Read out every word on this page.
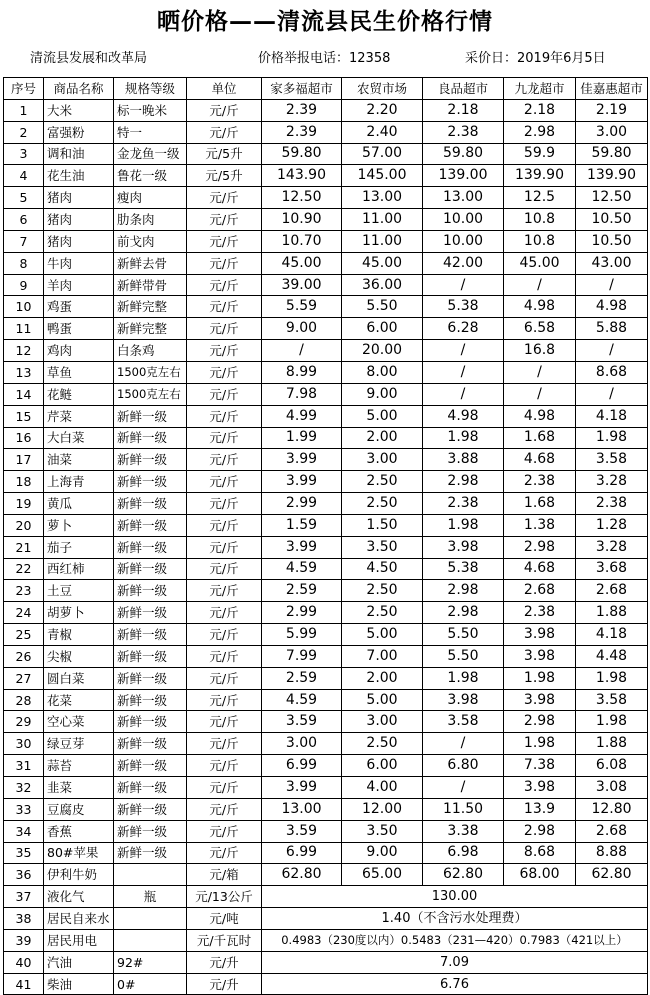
晒价格——清流县民生价格行情
清流县发展和改革局	价格举报电话：12358	采价日：2019年6月5日
序号	商品名称	规格等级	单位	家多福超市	农贸市场	良品超市	九龙超市	佳嘉惠超市
1	大米	标一晚米	元/斤	2.39	2.20	2.18	2.18	2.19
2	富强粉	特一	元/斤	2.39	2.40	2.38	2.98	3.00
3	调和油	金龙鱼一级	元/5升	59.80	57.00	59.80	59.9	59.80
4	花生油	鲁花一级	元/5升	143.90	145.00	139.00	139.90	139.90
5	猪肉	瘦肉	元/斤	12.50	13.00	13.00	12.5	12.50
6	猪肉	肋条肉	元/斤	10.90	11.00	10.00	10.8	10.50
7	猪肉	前戈肉	元/斤	10.70	11.00	10.00	10.8	10.50
8	牛肉	新鲜去骨	元/斤	45.00	45.00	42.00	45.00	43.00
9	羊肉	新鲜带骨	元/斤	39.00	36.00	/	/	/
10	鸡蛋	新鲜完整	元/斤	5.59	5.50	5.38	4.98	4.98
11	鸭蛋	新鲜完整	元/斤	9.00	6.00	6.28	6.58	5.88
12	鸡肉	白条鸡	元/斤	/	20.00	/	16.8	/
13	草鱼	1500克左右	元/斤	8.99	8.00	/	/	8.68
14	花鲢	1500克左右	元/斤	7.98	9.00	/	/	/
15	芹菜	新鲜一级	元/斤	4.99	5.00	4.98	4.98	4.18
16	大白菜	新鲜一级	元/斤	1.99	2.00	1.98	1.68	1.98
17	油菜	新鲜一级	元/斤	3.99	3.00	3.88	4.68	3.58
18	上海青	新鲜一级	元/斤	3.99	2.50	2.98	2.38	3.28
19	黄瓜	新鲜一级	元/斤	2.99	2.50	2.38	1.68	2.38
20	萝卜	新鲜一级	元/斤	1.59	1.50	1.98	1.38	1.28
21	茄子	新鲜一级	元/斤	3.99	3.50	3.98	2.98	3.28
22	西红柿	新鲜一级	元/斤	4.59	4.50	5.38	4.68	3.68
23	土豆	新鲜一级	元/斤	2.59	2.50	2.98	2.68	2.68
24	胡萝卜	新鲜一级	元/斤	2.99	2.50	2.98	2.38	1.88
25	青椒	新鲜一级	元/斤	5.99	5.00	5.50	3.98	4.18
26	尖椒	新鲜一级	元/斤	7.99	7.00	5.50	3.98	4.48
27	圆白菜	新鲜一级	元/斤	2.59	2.00	1.98	1.98	1.98
28	花菜	新鲜一级	元/斤	4.59	5.00	3.98	3.98	3.58
29	空心菜	新鲜一级	元/斤	3.59	3.00	3.58	2.98	1.98
30	绿豆芽	新鲜一级	元/斤	3.00	2.50	/	1.98	1.88
31	蒜苔	新鲜一级	元/斤	6.99	6.00	6.80	7.38	6.08
32	韭菜	新鲜一级	元/斤	3.99	4.00	/	3.98	3.08
33	豆腐皮	新鲜一级	元/斤	13.00	12.00	11.50	13.9	12.80
34	香蕉	新鲜一级	元/斤	3.59	3.50	3.38	2.98	2.68
35	80#苹果	新鲜一级	元/斤	6.99	9.00	6.98	8.68	8.88
36	伊利牛奶		元/箱	62.80	65.00	62.80	68.00	62.80
37	液化气	瓶	元/13公斤	130.00				
38	居民自来水		元/吨	1.40（不含污水处理费）				
39	居民用电		元/千瓦时	0.4983（230度以内）0.5483（231—420）0.7983（421以上）				
40	汽油	92#	元/升	7.09				
41	柴油	0#	元/升	6.76				
